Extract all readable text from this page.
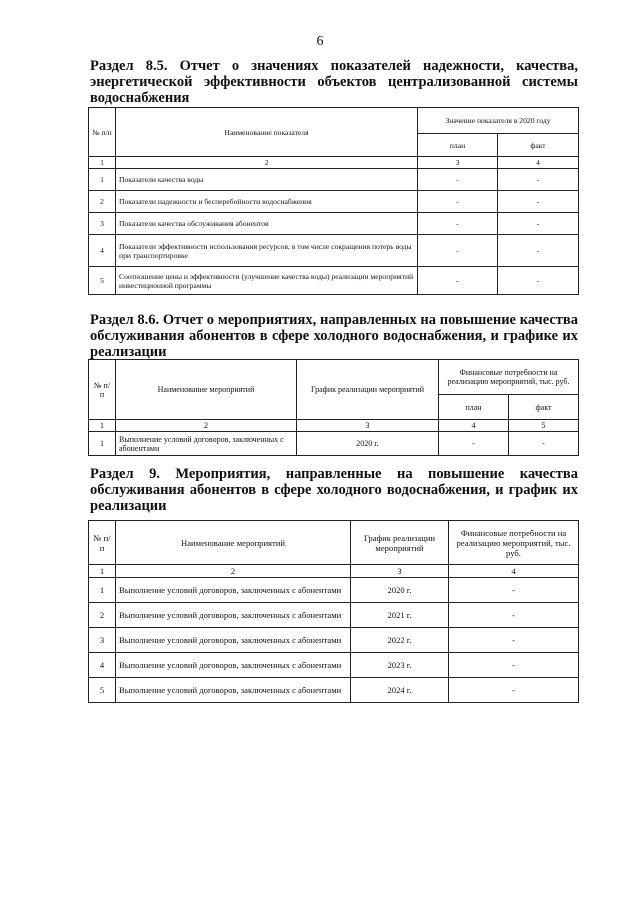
6
Раздел 8.5. Отчет о значениях показателей надежности, качества, энергетической эффективности объектов централизованной системы водоснабжения
№ п/п	Наименование показателя	Значение показателя в 2020 году	
		план	факт
1	2	3	4
1	Показатели качества воды	-	-
2	Показатели надежности и бесперебойности водоснабжения	-	-
3	Показатели качества обслуживания абонентов	-	-
4	Показатели эффективности использования ресурсов, в том числе сокращения потерь воды при транспортировке	-	-
5	Соотношение цены и эффективности (улучшение качества воды) реализации мероприятий инвестиционной программы	-	-
Раздел 8.6. Отчет о мероприятиях, направленных на повышение качества обслуживания абонентов в сфере холодного водоснабжения, и графике их реализации
№ п/п	Наименование мероприятий	График реализации мероприятий	Финансовые потребности на реализацию мероприятий, тыс. руб.	
			план	факт
1	2	3	4	5
1	Выполнение условий договоров, заключенных с абонентами	2020 г.	-	-
Раздел 9. Мероприятия, направленные на повышение качества обслуживания абонентов в сфере холодного водоснабжения, и график их реализации
№ п/п	Наименование мероприятий	График реализации мероприятий	Финансовые потребности на реализацию мероприятий, тыс. руб.
1	2	3	4
1	Выполнение условий договоров, заключенных с абонентами	2020 г.	-
2	Выполнение условий договоров, заключенных с абонентами	2021 г.	-
3	Выполнение условий договоров, заключенных с абонентами	2022 г.	-
4	Выполнение условий договоров, заключенных с абонентами	2023 г.	-
5	Выполнение условий договоров, заключенных с абонентами	2024 г.	-
